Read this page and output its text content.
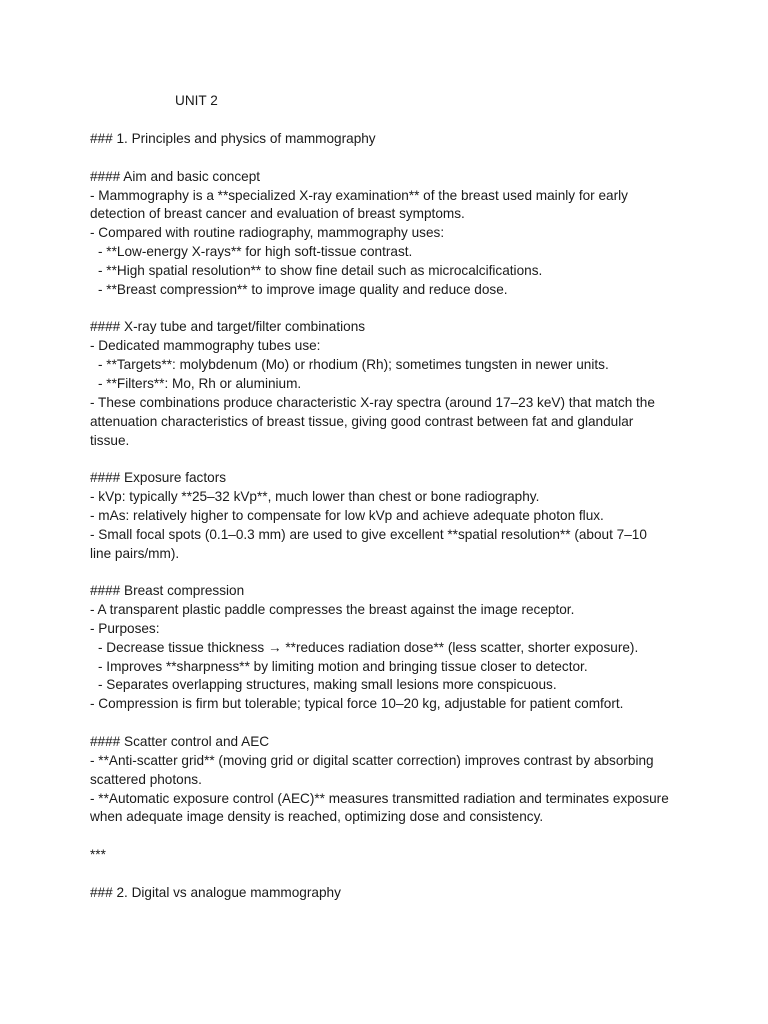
UNIT 2
### 1. Principles and physics of mammography
#### Aim and basic concept
- Mammography is a **specialized X-ray examination** of the breast used mainly for early
detection of breast cancer and evaluation of breast symptoms.
- Compared with routine radiography, mammography uses:
- **Low-energy X-rays** for high soft-tissue contrast.
- **High spatial resolution** to show fine detail such as microcalcifications.
- **Breast compression** to improve image quality and reduce dose.
#### X-ray tube and target/filter combinations
- Dedicated mammography tubes use:
- **Targets**: molybdenum (Mo) or rhodium (Rh); sometimes tungsten in newer units.
- **Filters**: Mo, Rh or aluminium.
- These combinations produce characteristic X-ray spectra (around 17–23 keV) that match the
attenuation characteristics of breast tissue, giving good contrast between fat and glandular
tissue.
#### Exposure factors
- kVp: typically **25–32 kVp**, much lower than chest or bone radiography.
- mAs: relatively higher to compensate for low kVp and achieve adequate photon flux.
- Small focal spots (0.1–0.3 mm) are used to give excellent **spatial resolution** (about 7–10
line pairs/mm).
#### Breast compression
- A transparent plastic paddle compresses the breast against the image receptor.
- Purposes:
- Decrease tissue thickness → **reduces radiation dose** (less scatter, shorter exposure).
- Improves **sharpness** by limiting motion and bringing tissue closer to detector.
- Separates overlapping structures, making small lesions more conspicuous.
- Compression is firm but tolerable; typical force 10–20 kg, adjustable for patient comfort.
#### Scatter control and AEC
- **Anti-scatter grid** (moving grid or digital scatter correction) improves contrast by absorbing
scattered photons.
- **Automatic exposure control (AEC)** measures transmitted radiation and terminates exposure
when adequate image density is reached, optimizing dose and consistency.
***
### 2. Digital vs analogue mammography
